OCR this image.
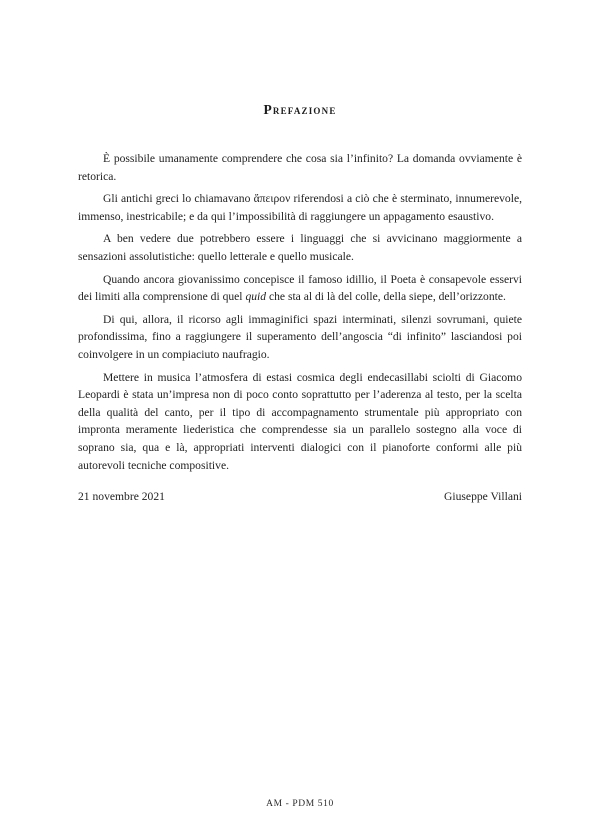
Prefazione

È possibile umanamente comprendere che cosa sia l’infinito? La domanda ovviamente è retorica.

Gli antichi greci lo chiamavano ἄπειρον riferendosi a ciò che è sterminato, innumerevole, immenso, inestricabile; e da qui l’impossibilità di raggiungere un appagamento esaustivo.

A ben vedere due potrebbero essere i linguaggi che si avvicinano maggiormente a sensazioni assolutistiche: quello letterale e quello musicale.

Quando ancora giovanissimo concepisce il famoso idillio, il Poeta è consapevole esservi dei limiti alla comprensione di quel quid che sta al di là del colle, della siepe, dell’orizzonte.

Di qui, allora, il ricorso agli immaginifici spazi interminati, silenzi sovrumani, quiete profondissima, fino a raggiungere il superamento dell’angoscia “di infinito” lasciandosi poi coinvolgere in un compiaciuto naufragio.

Mettere in musica l’atmosfera di estasi cosmica degli endecasillabi sciolti di Giacomo Leopardi è stata un’impresa non di poco conto soprattutto per l’aderenza al testo, per la scelta della qualità del canto, per il tipo di accompagnamento strumentale più appropriato con impronta meramente liederistica che comprendesse sia un parallelo sostegno alla voce di soprano sia, qua e là, appropriati interventi dialogici con il pianoforte conformi alle più autorevoli tecniche compositive.

21 novembre 2021	Giuseppe Villani
AM - PDM 510
